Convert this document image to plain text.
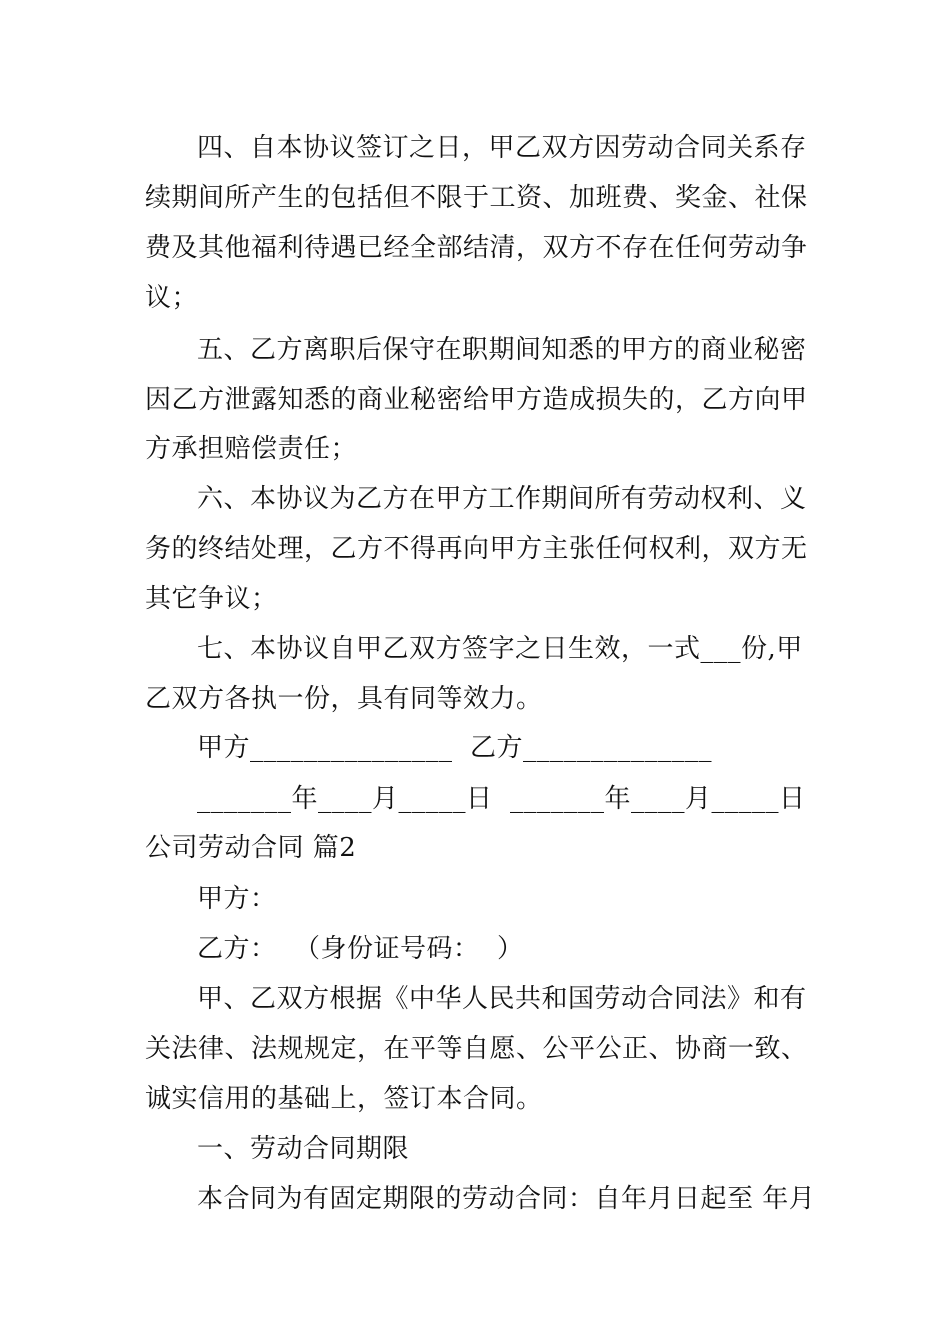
四、自本协议签订之日，甲乙双方因劳动合同关系存
续期间所产生的包括但不限于工资、加班费、奖金、社保
费及其他福利待遇已经全部结清，双方不存在任何劳动争
议；
五、乙方离职后保守在职期间知悉的甲方的商业秘密
因乙方泄露知悉的商业秘密给甲方造成损失的，乙方向甲
方承担赔偿责任；
六、本协议为乙方在甲方工作期间所有劳动权利、义
务的终结处理，乙方不得再向甲方主张任何权利，双方无
其它争议；
七、本协议自甲乙双方签字之日生效，一式___份,甲
乙双方各执一份，具有同等效力。
甲方_______________  乙方______________
_______年____月_____日  _______年____月_____日
公司劳动合同 篇2
甲方：
乙方：  （身份证号码：  ）
甲、乙双方根据《中华人民共和国劳动合同法》和有
关法律、法规规定，在平等自愿、公平公正、协商一致、
诚实信用的基础上，签订本合同。
一、劳动合同期限
本合同为有固定期限的劳动合同：自年月日起至 年月
